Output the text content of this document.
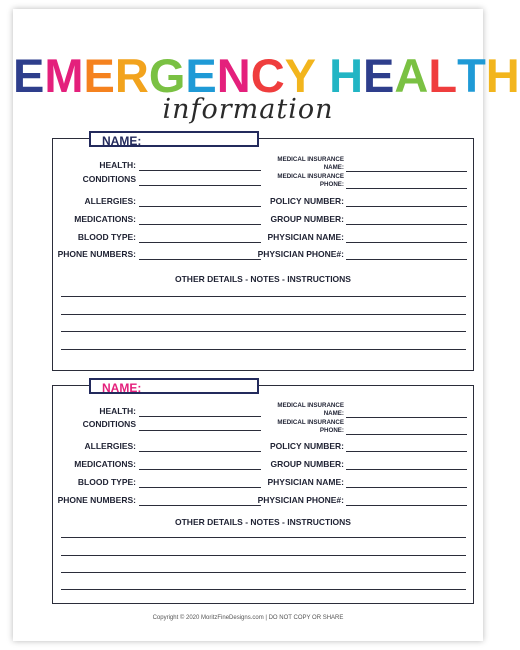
EMERGENCY HEALTH
information
NAME:
HEALTH:
CONDITIONS
ALLERGIES:
MEDICATIONS:
BLOOD TYPE:
PHONE NUMBERS:
MEDICAL INSURANCE
NAME:
MEDICAL INSURANCE
PHONE:
POLICY NUMBER:
GROUP NUMBER:
PHYSICIAN NAME:
PHYSICIAN PHONE#:
OTHER DETAILS - NOTES - INSTRUCTIONS
NAME:
HEALTH:
CONDITIONS
ALLERGIES:
MEDICATIONS:
BLOOD TYPE:
PHONE NUMBERS:
MEDICAL INSURANCE
NAME:
MEDICAL INSURANCE
PHONE:
POLICY NUMBER:
GROUP NUMBER:
PHYSICIAN NAME:
PHYSICIAN PHONE#:
OTHER DETAILS - NOTES - INSTRUCTIONS
Copyright © 2020 MoritzFineDesigns.com | DO NOT COPY OR SHARE
